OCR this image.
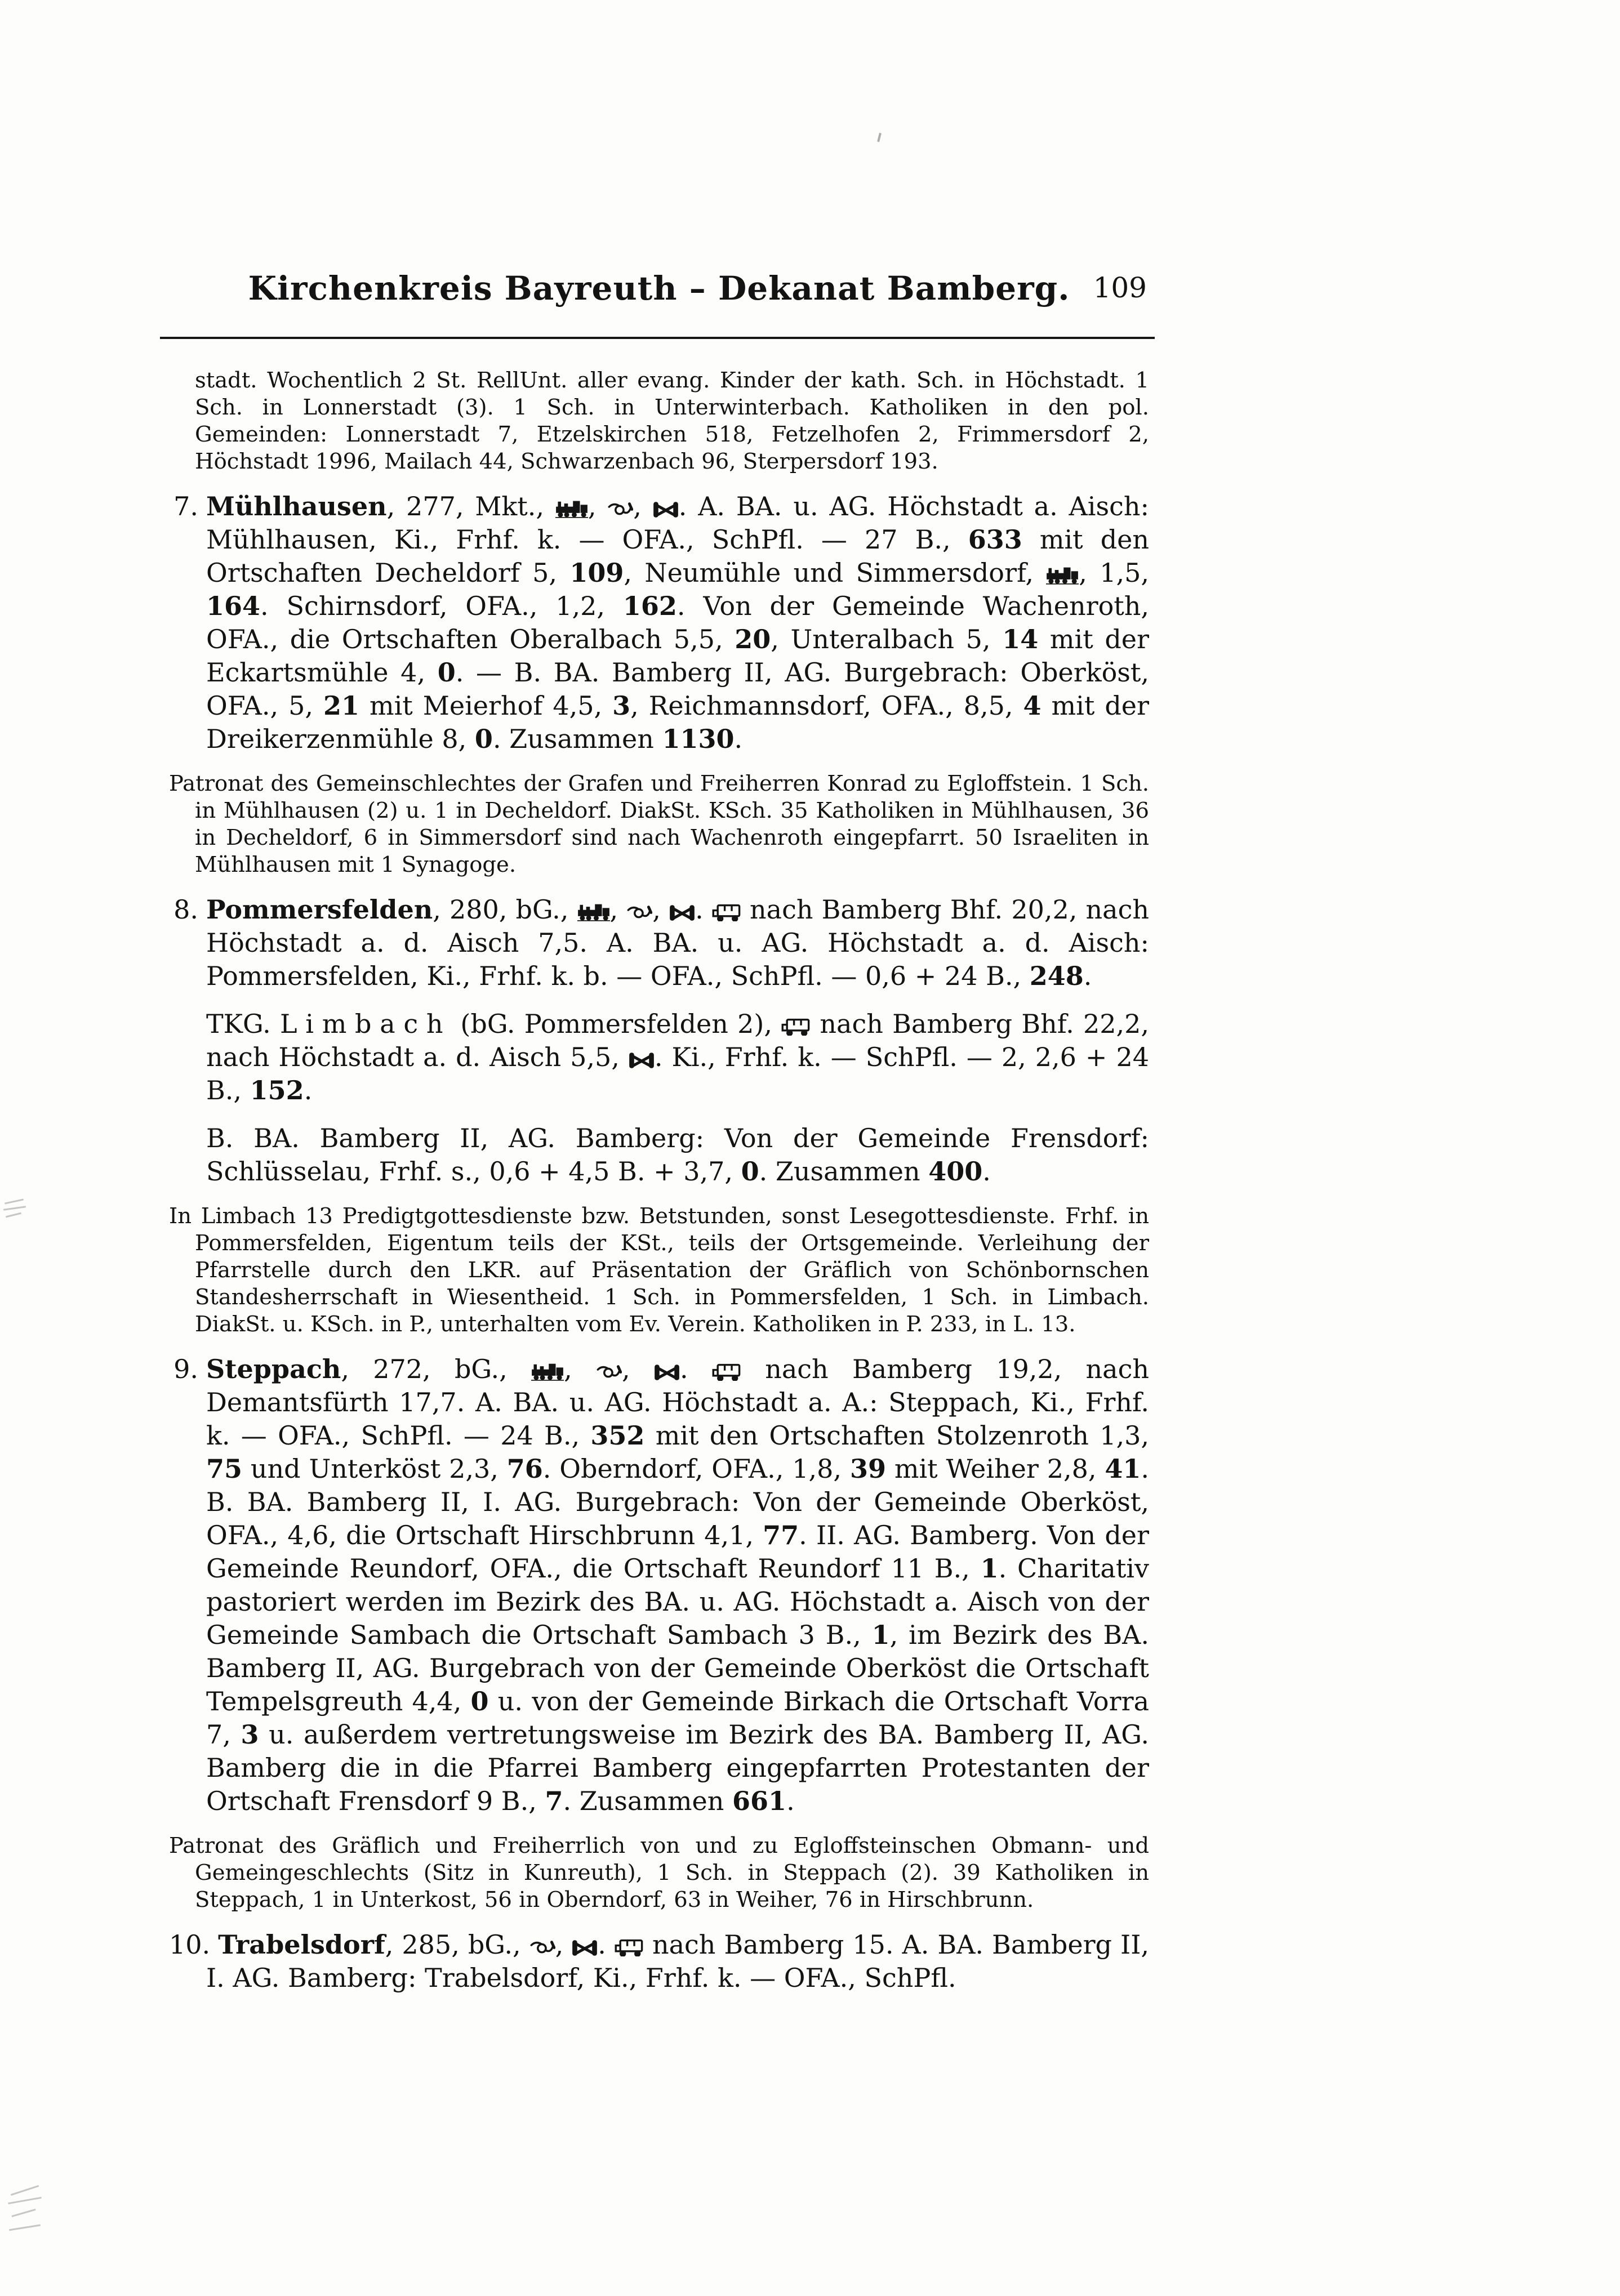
Kirchenkreis Bayreuth – Dekanat Bamberg. 109
stadt. Wochentlich 2 St. RellUnt. aller evang. Kinder der kath. Sch. in Höchstadt. 1 Sch. in Lonnerstadt (3). 1 Sch. in Unterwinterbach. Katholiken in den pol. Gemeinden: Lonnerstadt 7, Etzelskirchen 518, Fetzelhofen 2, Frimmersdorf 2, Höchstadt 1996, Mailach 44, Schwarzenbach 96, Sterpersdorf 193.
7. Mühlhausen, 277, Mkt., , , . A. BA. u. AG. Höchstadt a. Aisch: Mühlhausen, Ki., Frhf. k. — OFA., SchPfl. — 27 B., 633 mit den Ortschaften Decheldorf 5, 109, Neumühle und Simmersdorf, , 1,5, 164. Schirnsdorf, OFA., 1,2, 162. Von der Gemeinde Wachenroth, OFA., die Ortschaften Oberalbach 5,5, 20, Unteralbach 5, 14 mit der Eckartsmühle 4, 0. — B. BA. Bamberg II, AG. Burgebrach: Oberköst, OFA., 5, 21 mit Meierhof 4,5, 3, Reichmannsdorf, OFA., 8,5, 4 mit der Dreikerzenmühle 8, 0. Zusammen 1130.
Patronat des Gemeinschlechtes der Grafen und Freiherren Konrad zu Egloffstein. 1 Sch. in Mühlhausen (2) u. 1 in Decheldorf. DiakSt. KSch. 35 Katholiken in Mühlhausen, 36 in Decheldorf, 6 in Simmersdorf sind nach Wachenroth eingepfarrt. 50 Israeliten in Mühlhausen mit 1 Synagoge.
8. Pommersfelden, 280, bG., , , .  nach Bamberg Bhf. 20,2, nach Höchstadt a. d. Aisch 7,5. A. BA. u. AG. Höchstadt a. d. Aisch: Pommersfelden, Ki., Frhf. k. b. — OFA., SchPfl. — 0,6 + 24 B., 248.
TKG. Limbach (bG. Pommersfelden 2),  nach Bamberg Bhf. 22,2, nach Höchstadt a. d. Aisch 5,5, . Ki., Frhf. k. — SchPfl. — 2, 2,6 + 24 B., 152.
B. BA. Bamberg II, AG. Bamberg: Von der Gemeinde Frensdorf: Schlüsselau, Frhf. s., 0,6 + 4,5 B. + 3,7, 0. Zusammen 400.
In Limbach 13 Predigtgottesdienste bzw. Betstunden, sonst Lesegottesdienste. Frhf. in Pommersfelden, Eigentum teils der KSt., teils der Ortsgemeinde. Verleihung der Pfarrstelle durch den LKR. auf Präsentation der Gräflich von Schönbornschen Standesherrschaft in Wiesentheid. 1 Sch. in Pommersfelden, 1 Sch. in Limbach. DiakSt. u. KSch. in P., unterhalten vom Ev. Verein. Katholiken in P. 233, in L. 13.
9. Steppach, 272, bG., , , .  nach Bamberg 19,2, nach Demantsfürth 17,7. A. BA. u. AG. Höchstadt a. A.: Steppach, Ki., Frhf. k. — OFA., SchPfl. — 24 B., 352 mit den Ortschaften Stolzenroth 1,3, 75 und Unterköst 2,3, 76. Oberndorf, OFA., 1,8, 39 mit Weiher 2,8, 41. B. BA. Bamberg II, I. AG. Burgebrach: Von der Gemeinde Oberköst, OFA., 4,6, die Ortschaft Hirschbrunn 4,1, 77. II. AG. Bamberg. Von der Gemeinde Reundorf, OFA., die Ortschaft Reundorf 11 B., 1. Charitativ pastoriert werden im Bezirk des BA. u. AG. Höchstadt a. Aisch von der Gemeinde Sambach die Ortschaft Sambach 3 B., 1, im Bezirk des BA. Bamberg II, AG. Burgebrach von der Gemeinde Oberköst die Ortschaft Tempelsgreuth 4,4, 0 u. von der Gemeinde Birkach die Ortschaft Vorra 7, 3 u. außerdem vertretungsweise im Bezirk des BA. Bamberg II, AG. Bamberg die in die Pfarrei Bamberg eingepfarrten Protestanten der Ortschaft Frensdorf 9 B., 7. Zusammen 661.
Patronat des Gräflich und Freiherrlich von und zu Egloffsteinschen Obmann- und Gemeingeschlechts (Sitz in Kunreuth), 1 Sch. in Steppach (2). 39 Katholiken in Steppach, 1 in Unterkost, 56 in Oberndorf, 63 in Weiher, 76 in Hirschbrunn.
10. Trabelsdorf, 285, bG., , .  nach Bamberg 15. A. BA. Bamberg II, I. AG. Bamberg: Trabelsdorf, Ki., Frhf. k. — OFA., SchPfl.
